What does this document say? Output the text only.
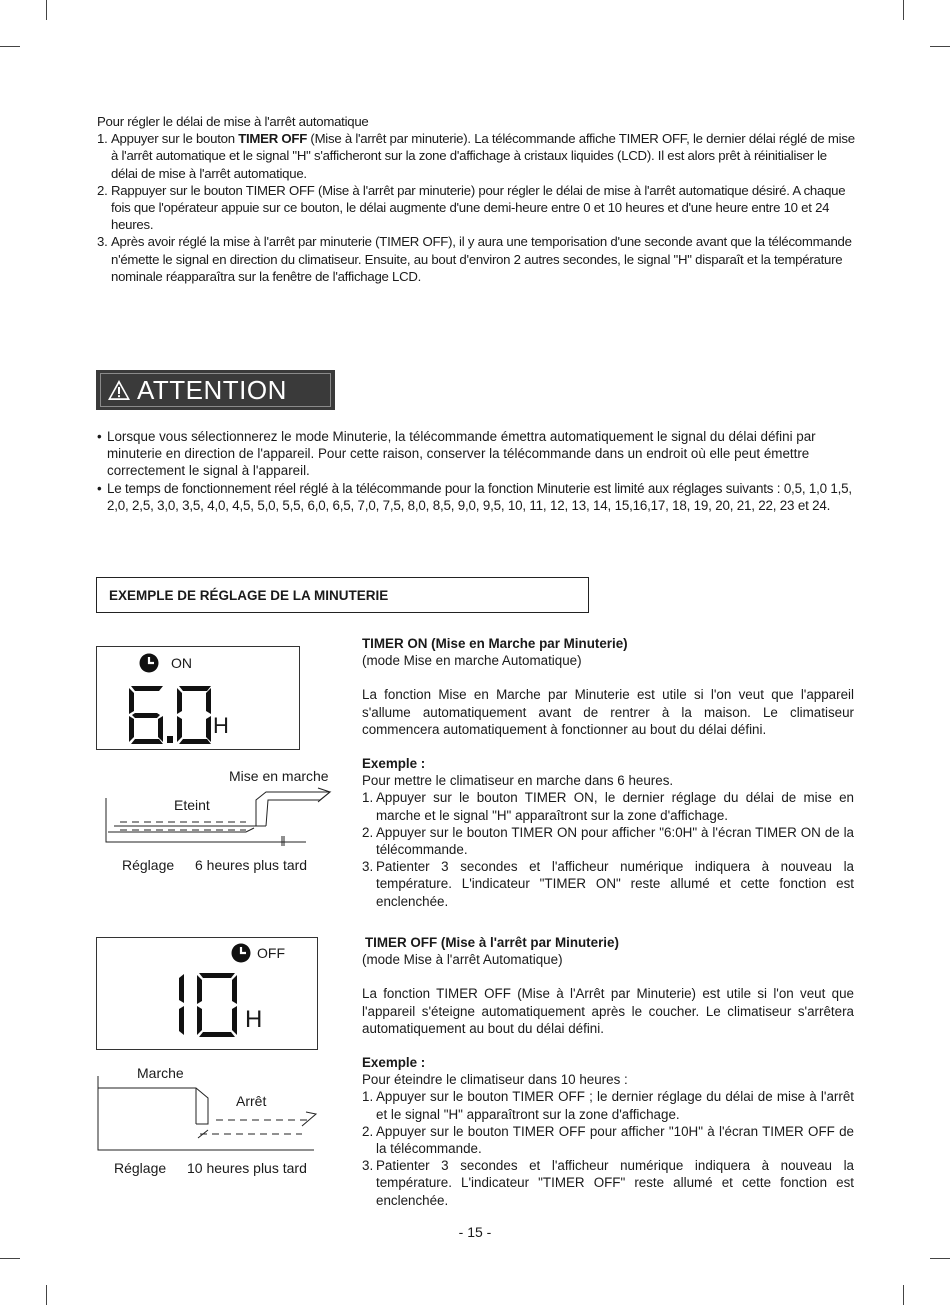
Pour régler le délai de mise à l'arrêt automatique

1. Appuyer sur le bouton TIMER OFF (Mise à l'arrêt par minuterie). La télécommande affiche TIMER OFF, le dernier délai réglé de mise à l'arrêt automatique et le signal "H" s'afficheront sur la zone d'affichage à cristaux liquides (LCD). Il est alors prêt à réinitialiser le délai de mise à l'arrêt automatique.
2. Rappuyer sur le bouton TIMER OFF (Mise à l'arrêt par minuterie) pour régler le délai de mise à l'arrêt automatique désiré. A chaque fois que l'opérateur appuie sur ce bouton, le délai augmente d'une demi-heure entre 0 et 10 heures et d'une heure entre 10 et 24 heures.
3. Après avoir réglé la mise à l'arrêt par minuterie (TIMER OFF), il y aura une temporisation d'une seconde avant que la télécommande n'émette le signal en direction du climatiseur. Ensuite, au bout d'environ 2 autres secondes, le signal "H" disparaît et la température nominale réapparaîtra sur la fenêtre de l'affichage LCD.
ATTENTION
• Lorsque vous sélectionnerez le mode Minuterie, la télécommande émettra automatiquement le signal du délai défini par minuterie en direction de l'appareil. Pour cette raison, conserver la télécommande dans un endroit où elle peut émettre correctement le signal à l'appareil.
• Le temps de fonctionnement réel réglé à la télécommande pour la fonction Minuterie est limité aux réglages suivants : 0,5, 1,0 1,5, 2,0, 2,5, 3,0, 3,5, 4,0, 4,5, 5,0, 5,5, 6,0, 6,5, 7,0, 7,5, 8,0, 8,5, 9,0, 9,5, 10, 11, 12, 13, 14, 15,16,17, 18, 19, 20, 21, 22, 23 et 24.
EXEMPLE DE RÉGLAGE DE LA MINUTERIE
ON
H
Mise en marche
Eteint
Réglage 6 heures plus tard

TIMER ON (Mise en Marche par Minuterie)

(mode Mise en marche Automatique)

La fonction Mise en Marche par Minuterie est utile si l'on veut que l'appareil s'allume automatiquement avant de rentrer à la maison. Le climatiseur commencera automatiquement à fonctionner au bout du délai défini.

Exemple :

Pour mettre le climatiseur en marche dans 6 heures.

1. Appuyer sur le bouton TIMER ON, le dernier réglage du délai de mise en marche et le signal "H" apparaîtront sur la zone d'affichage.
2. Appuyer sur le bouton TIMER ON pour afficher "6:0H" à l'écran TIMER ON de la télécommande.
3. Patienter 3 secondes et l'afficheur numérique indiquera à nouveau la température. L'indicateur "TIMER ON" reste allumé et cette fonction est enclenchée.
OFF
H
Marche
Arrêt
Réglage 10 heures plus tard

TIMER OFF (Mise à l'arrêt par Minuterie)

(mode Mise à l'arrêt Automatique)

La fonction TIMER OFF (Mise à l'Arrêt par Minuterie) est utile si l'on veut que l'appareil s'éteigne automatiquement après le coucher. Le climatiseur s'arrêtera automatiquement au bout du délai défini.

Exemple :

Pour éteindre le climatiseur dans 10 heures :

1. Appuyer sur le bouton TIMER OFF ; le dernier réglage du délai de mise à l'arrêt et le signal "H" apparaîtront sur la zone d'affichage.
2. Appuyer sur le bouton TIMER OFF pour afficher "10H" à l'écran TIMER OFF de la télécommande.
3. Patienter 3 secondes et l'afficheur numérique indiquera à nouveau la température. L'indicateur "TIMER OFF" reste allumé et cette fonction est enclenchée.
- 15 -
